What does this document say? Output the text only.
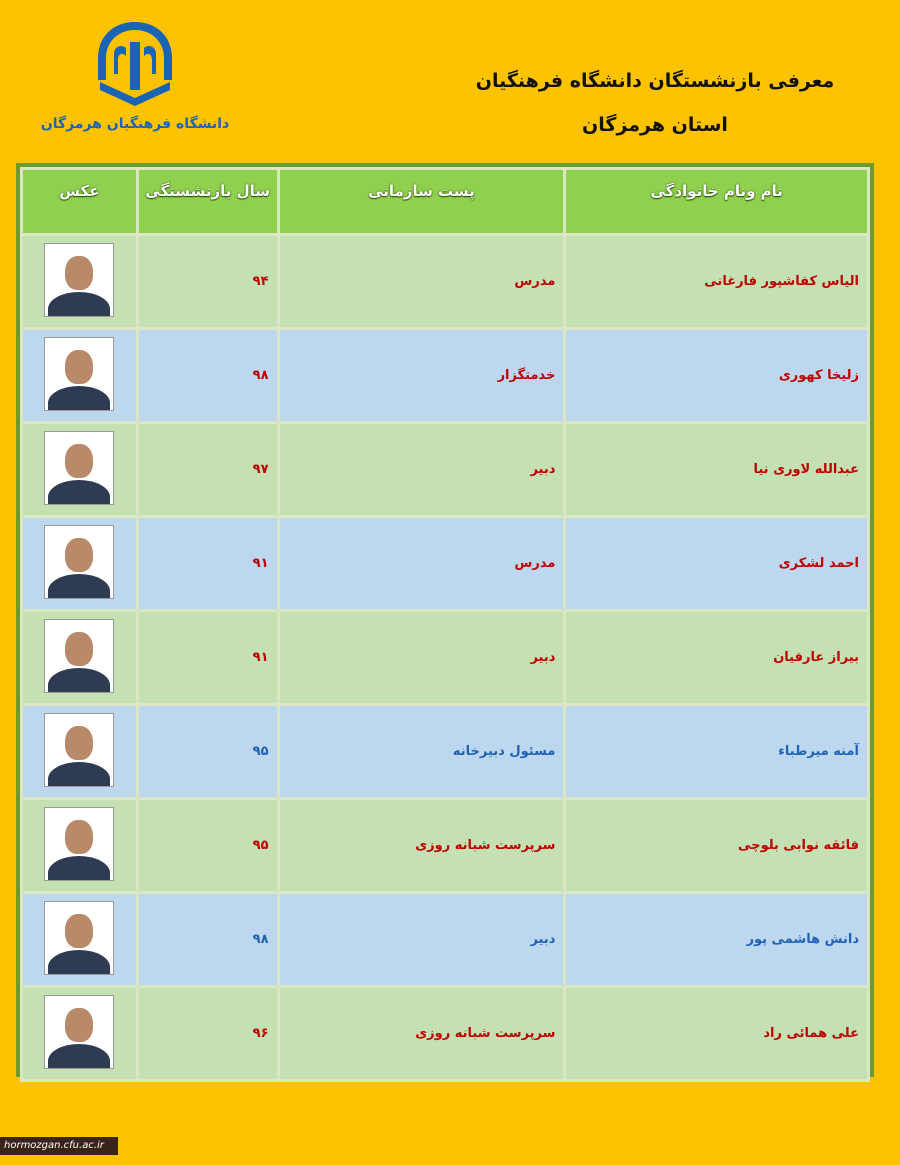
دانشگاه فرهنگیان هرمزگان
معرفی بازنشستگان دانشگاه فرهنگیان
استان هرمزگان
نام ونام خانوادگی	پست سازمانی	سال بازنشستگی	عکس
الیاس کفاشپور فارغانی	مدرس	۹۴	

زلیخا کهوری	خدمتگزار	۹۸	

عبدالله لاوری نیا	دبیر	۹۷	

احمد لشکری	مدرس	۹۱	

بیراز عارفیان	دبیر	۹۱	

آمنه میرطباء	مسئول دبیرخانه	۹۵	

فائقه نوابی بلوچی	سرپرست شبانه روزی	۹۵	

دانش هاشمی پور	دبیر	۹۸	

علی همائی راد	سرپرست شبانه روزی	۹۶	
hormozgan.cfu.ac.ir
